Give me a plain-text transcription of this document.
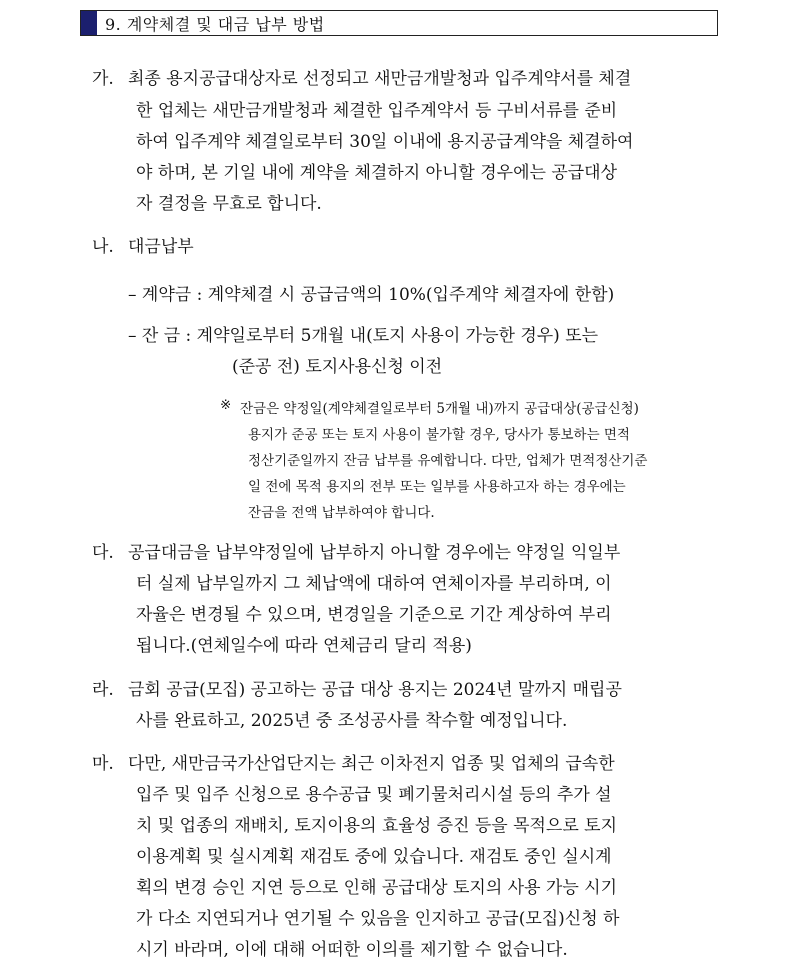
9. 계약체결 및 대금 납부 방법
가. 최종 용지공급대상자로 선정되고 새만금개발청과 입주계약서를 체결
한 업체는 새만금개발청과 체결한 입주계약서 등 구비서류를 준비
하여 입주계약 체결일로부터 30일 이내에 용지공급계약을 체결하여
야 하며, 본 기일 내에 계약을 체결하지 아니할 경우에는 공급대상
자 결정을 무효로 합니다.
나. 대금납부
– 계약금 : 계약체결 시 공급금액의 10%(입주계약 체결자에 한함)
– 잔 금 : 계약일로부터 5개월 내(토지 사용이 가능한 경우) 또는
(준공 전) 토지사용신청 이전
※ 잔금은 약정일(계약체결일로부터 5개월 내)까지 공급대상(공급신청)
용지가 준공 또는 토지 사용이 불가할 경우, 당사가 통보하는 면적
정산기준일까지 잔금 납부를 유예합니다. 다만, 업체가 면적정산기준
일 전에 목적 용지의 전부 또는 일부를 사용하고자 하는 경우에는
잔금을 전액 납부하여야 합니다.
다. 공급대금을 납부약정일에 납부하지 아니할 경우에는 약정일 익일부
터 실제 납부일까지 그 체납액에 대하여 연체이자를 부리하며, 이
자율은 변경될 수 있으며, 변경일을 기준으로 기간 계상하여 부리
됩니다.(연체일수에 따라 연체금리 달리 적용)
라. 금회 공급(모집) 공고하는 공급 대상 용지는 2024년 말까지 매립공
사를 완료하고, 2025년 중 조성공사를 착수할 예정입니다.
마. 다만, 새만금국가산업단지는 최근 이차전지 업종 및 업체의 급속한
입주 및 입주 신청으로 용수공급 및 폐기물처리시설 등의 추가 설
치 및 업종의 재배치, 토지이용의 효율성 증진 등을 목적으로 토지
이용계획 및 실시계획 재검토 중에 있습니다. 재검토 중인 실시계
획의 변경 승인 지연 등으로 인해 공급대상 토지의 사용 가능 시기
가 다소 지연되거나 연기될 수 있음을 인지하고 공급(모집)신청 하
시기 바라며, 이에 대해 어떠한 이의를 제기할 수 없습니다.
